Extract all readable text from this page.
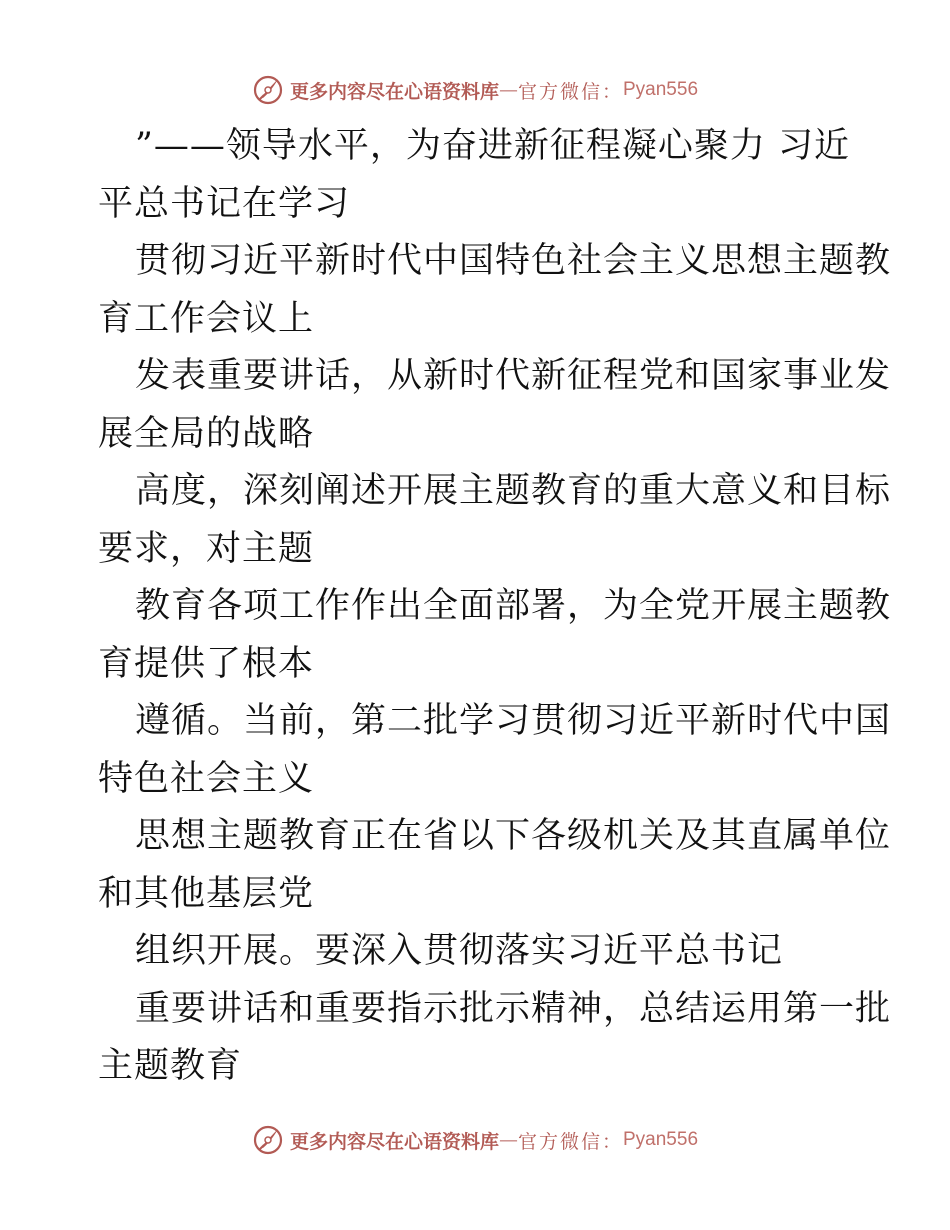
更多内容尽在心语资料库 — 官方微信： Pyan556
”——领导水平，为奋进新征程凝心聚力 习近
平总书记在学习
贯彻习近平新时代中国特色社会主义思想主题教
育工作会议上
发表重要讲话，从新时代新征程党和国家事业发
展全局的战略
高度，深刻阐述开展主题教育的重大意义和目标
要求，对主题
教育各项工作作出全面部署，为全党开展主题教
育提供了根本
遵循。当前，第二批学习贯彻习近平新时代中国
特色社会主义
思想主题教育正在省以下各级机关及其直属单位
和其他基层党
组织开展。要深入贯彻落实习近平总书记
重要讲话和重要指示批示精神，总结运用第一批
主题教育
更多内容尽在心语资料库 — 官方微信： Pyan556
